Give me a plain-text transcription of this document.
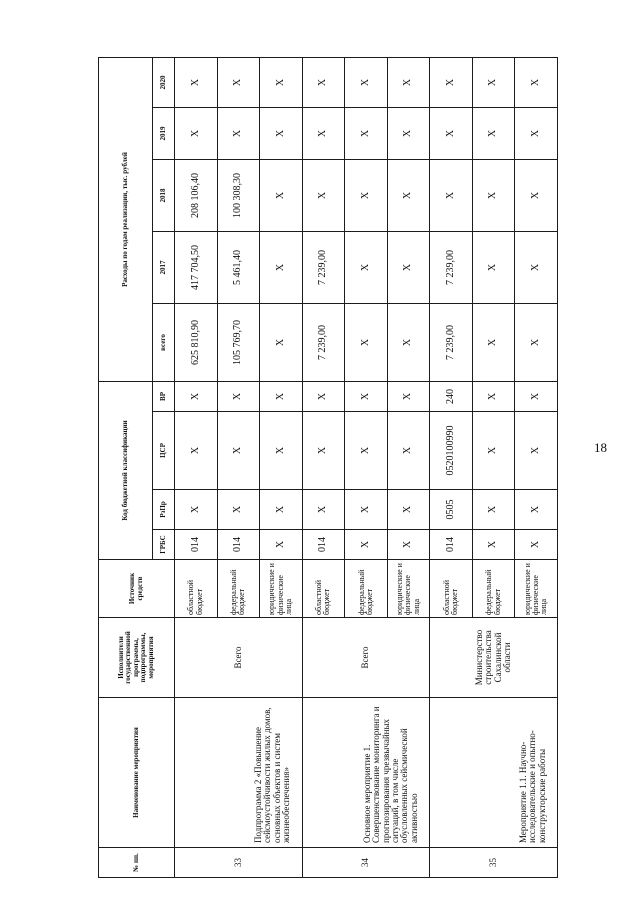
18
№ пп.	Наименование мероприятия	Исполнители государственной программы, подпрограммы, мероприятия	Источник средств	Код бюджетной классификации				Расходы по годам реализации, тыс. рублей				
				ГРБС	РзПр	ЦСР	ВР	всего	2017	2018	2019	2020
33	Подпрограмма 2 «Повышение сейсмоустойчивости жилых домов, основных объектов и систем жизнеобеспечения»	Всего	областной бюджет	014	X	X	X	625 810,90	417 704,50	208 106,40	X	X
			федеральный бюджет	014	X	X	X	105 769,70	5 461,40	100 308,30	X	X
			юридические и физические лица	X	X	X	X	X	X	X	X	X
34	Основное мероприятие 1. Совершенствование мониторинга и прогнозирования чрезвычайных ситуаций, в том числе обусловленных сейсмической активностью	Всего	областной бюджет	014	X	X	X	7 239,00	7 239,00	X	X	X
			федеральный бюджет	X	X	X	X	X	X	X	X	X
			юридические и физические лица	X	X	X	X	X	X	X	X	X
35	Мероприятие 1.1. Научно-исследовательские и опытно-конструкторские работы	Министерство строительства Сахалинской области	областной бюджет	014	0505	0520100990	240	7 239,00	7 239,00	X	X	X
			федеральный бюджет	X	X	X	X	X	X	X	X	X
			юридические и физические лица	X	X	X	X	X	X	X	X	X
